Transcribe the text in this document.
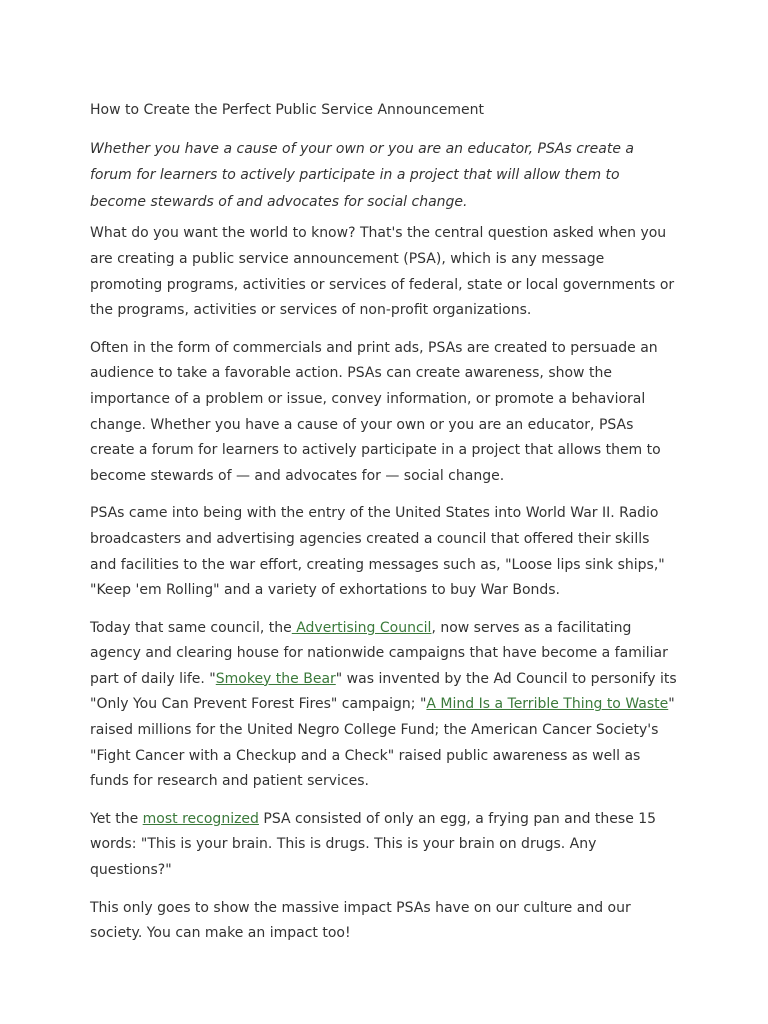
How to Create the Perfect Public Service Announcement

Whether you have a cause of your own or you are an educator, PSAs create a forum for learners to actively participate in a project that will allow them to become stewards of and advocates for social change.

What do you want the world to know? That's the central question asked when you are creating a public service announcement (PSA), which is any message promoting programs, activities or services of federal, state or local governments or the programs, activities or services of non-profit organizations.

Often in the form of commercials and print ads, PSAs are created to persuade an audience to take a favorable action. PSAs can create awareness, show the importance of a problem or issue, convey information, or promote a behavioral change. Whether you have a cause of your own or you are an educator, PSAs create a forum for learners to actively participate in a project that allows them to become stewards of — and advocates for — social change.

PSAs came into being with the entry of the United States into World War II. Radio broadcasters and advertising agencies created a council that offered their skills and facilities to the war effort, creating messages such as, "Loose lips sink ships," "Keep 'em Rolling" and a variety of exhortations to buy War Bonds.

Today that same council, the Advertising Council, now serves as a facilitating agency and clearing house for nationwide campaigns that have become a familiar part of daily life. "Smokey the Bear" was invented by the Ad Council to personify its "Only You Can Prevent Forest Fires" campaign; "A Mind Is a Terrible Thing to Waste" raised millions for the United Negro College Fund; the American Cancer Society's "Fight Cancer with a Checkup and a Check" raised public awareness as well as funds for research and patient services.

Yet the most recognized PSA consisted of only an egg, a frying pan and these 15 words: "This is your brain. This is drugs. This is your brain on drugs. Any questions?"

This only goes to show the massive impact PSAs have on our culture and our society. You can make an impact too!
